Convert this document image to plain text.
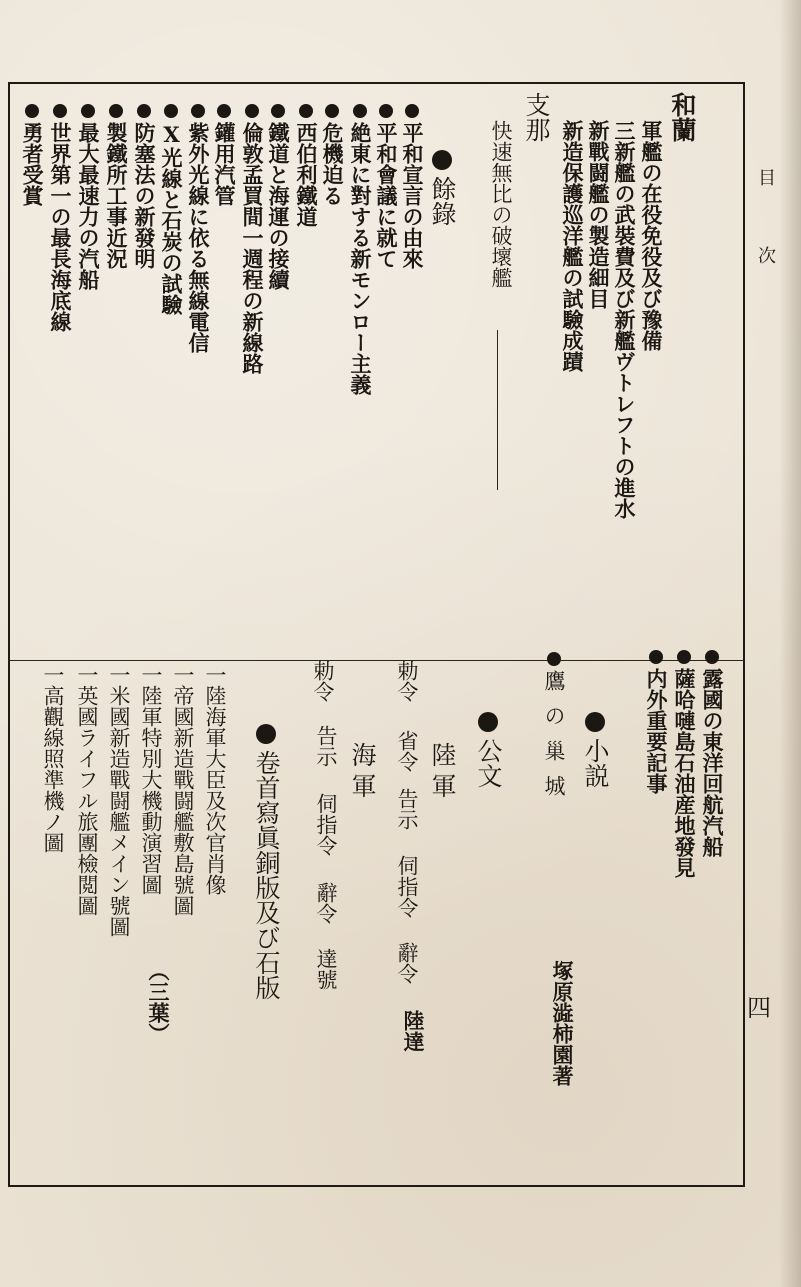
目次
四
和蘭
軍艦の在役免役及び豫備
三新艦の武裝費及び新艦ヴトレフトの進水
新戰闘艦の製造細目
新造保護巡洋艦の試驗成蹟
支那
快速無比の破壞艦
餘錄
平和宣言の由來
平和會議に就て
絶東に對する新モンロー主義
危機迫る
西伯利鐵道
鐵道と海運の接續
倫敦孟買間一週程の新線路
鑵用汽管
紫外光線に依る無線電信
X光線と石炭の試驗
防塞法の新發明
製鐵所工事近況
最大最速力の汽船
世界第一の最長海底線
勇者受賞
露國の東洋回航汽船
薩哈嗹島石油産地發見
内外重要記事
小説
鷹の巢城
塚原澁柿園著
公文
陸軍
勅令
省令
告示
伺指令
辭令
陸達
海軍
勅令
告示
伺指令
辭令
達號
卷首寫眞銅版及び石版
一陸海軍大臣及次官肖像
一帝國新造戰闘艦敷島號圖
一陸軍特別大機動演習圖
一米國新造戰闘艦メイン號圖
一英國ライフル旅團檢閲圖
一高觀線照準機ノ圖
（三葉）
